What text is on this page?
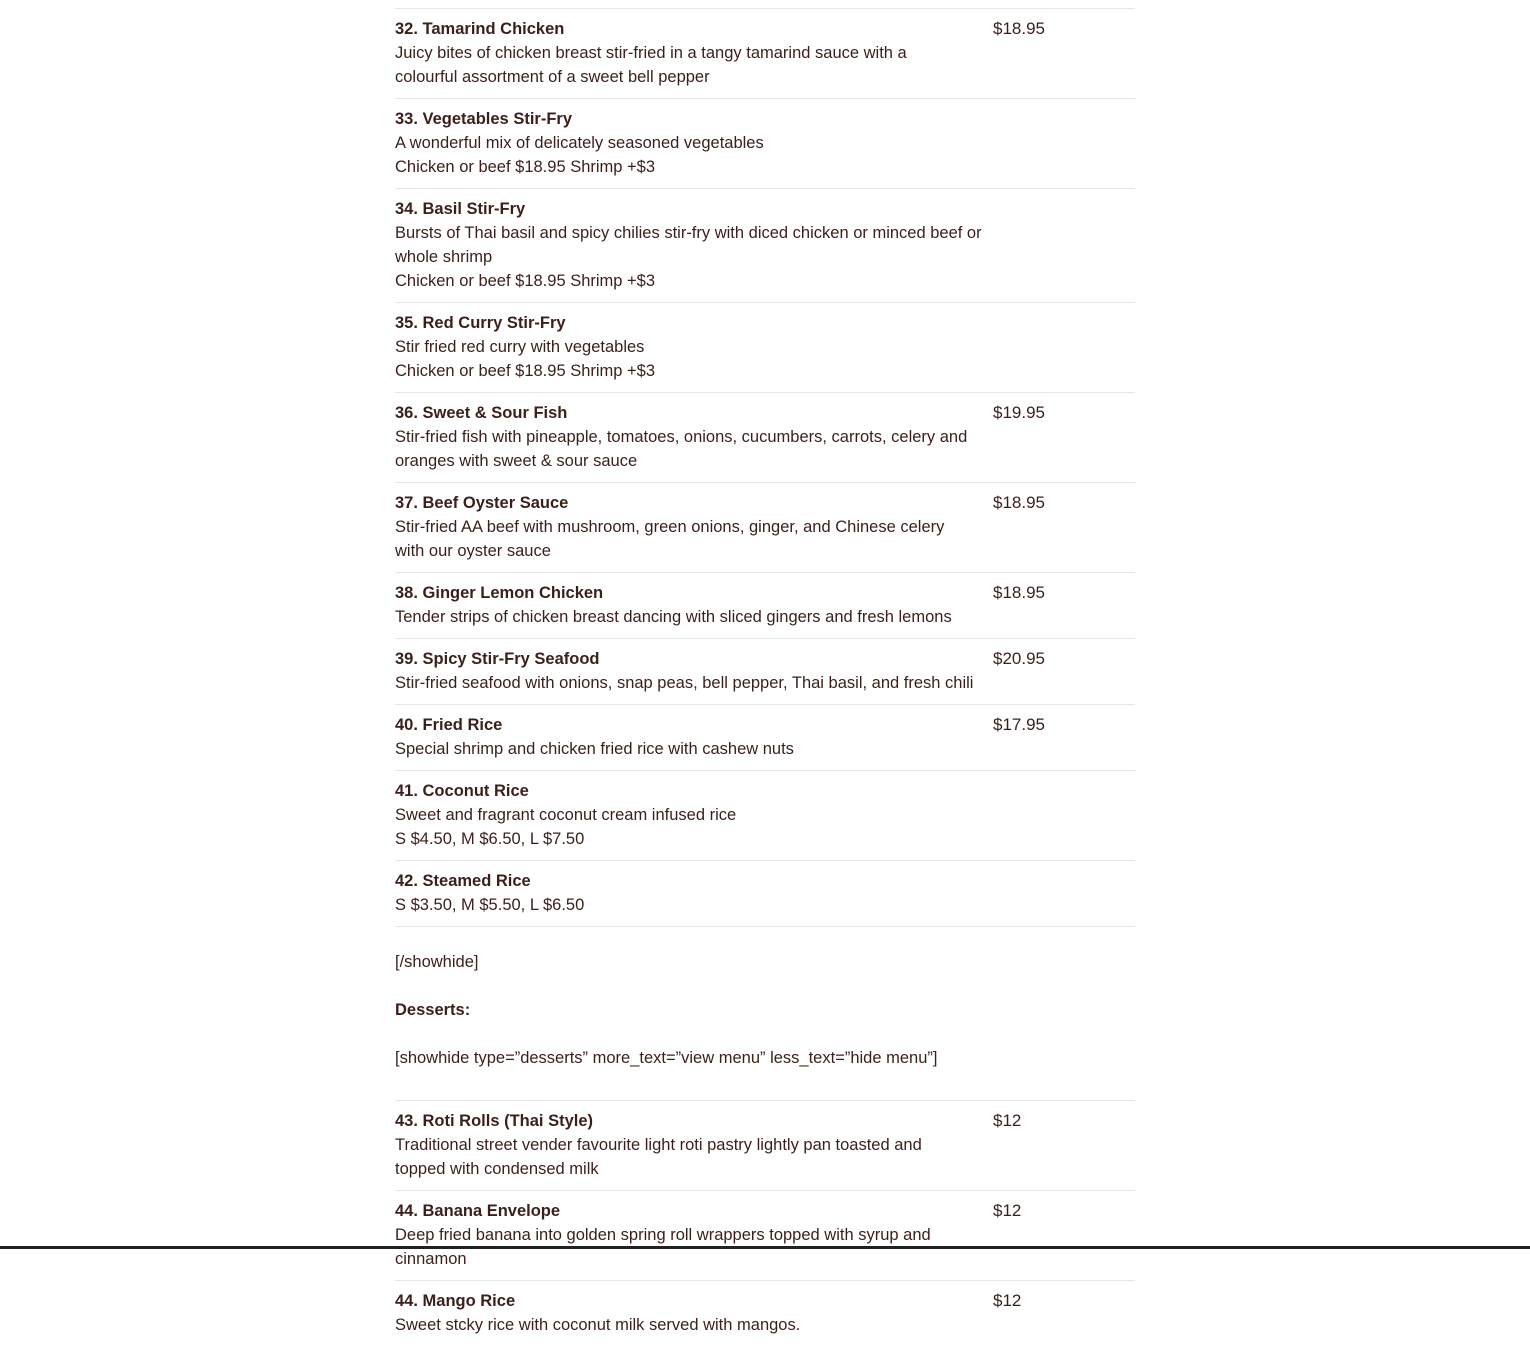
32. Tamarind Chicken
Juicy bites of chicken breast stir-fried in a tangy tamarind sauce with a
colourful assortment of a sweet bell pepper
$18.95
33. Vegetables Stir-Fry
A wonderful mix of delicately seasoned vegetables
Chicken or beef $18.95 Shrimp +$3
34. Basil Stir-Fry
Bursts of Thai basil and spicy chilies stir-fry with diced chicken or minced beef or whole shrimp
Chicken or beef $18.95 Shrimp +$3
35. Red Curry Stir-Fry
Stir fried red curry with vegetables
Chicken or beef $18.95 Shrimp +$3
36. Sweet & Sour Fish
Stir-fried fish with pineapple, tomatoes, onions, cucumbers, carrots, celery and
oranges with sweet & sour sauce
$19.95
37. Beef Oyster Sauce
Stir-fried AA beef with mushroom, green onions, ginger, and Chinese celery
with our oyster sauce
$18.95
38. Ginger Lemon Chicken
Tender strips of chicken breast dancing with sliced gingers and fresh lemons
$18.95
39. Spicy Stir-Fry Seafood
Stir-fried seafood with onions, snap peas, bell pepper, Thai basil, and fresh chili
$20.95
40. Fried Rice
Special shrimp and chicken fried rice with cashew nuts
$17.95
41. Coconut Rice
Sweet and fragrant coconut cream infused rice
S $4.50, M $6.50, L $7.50
42. Steamed Rice
S $3.50, M $5.50, L $6.50
[/showhide]
Desserts:
[showhide type=”desserts” more_text=”view menu” less_text=”hide menu”]
43. Roti Rolls (Thai Style)
Traditional street vender favourite light roti pastry lightly pan toasted and
topped with condensed milk
$12
44. Banana Envelope
Deep fried banana into golden spring roll wrappers topped with syrup and
cinnamon
$12
44. Mango Rice
Sweet stcky rice with coconut milk served with mangos.
$12
